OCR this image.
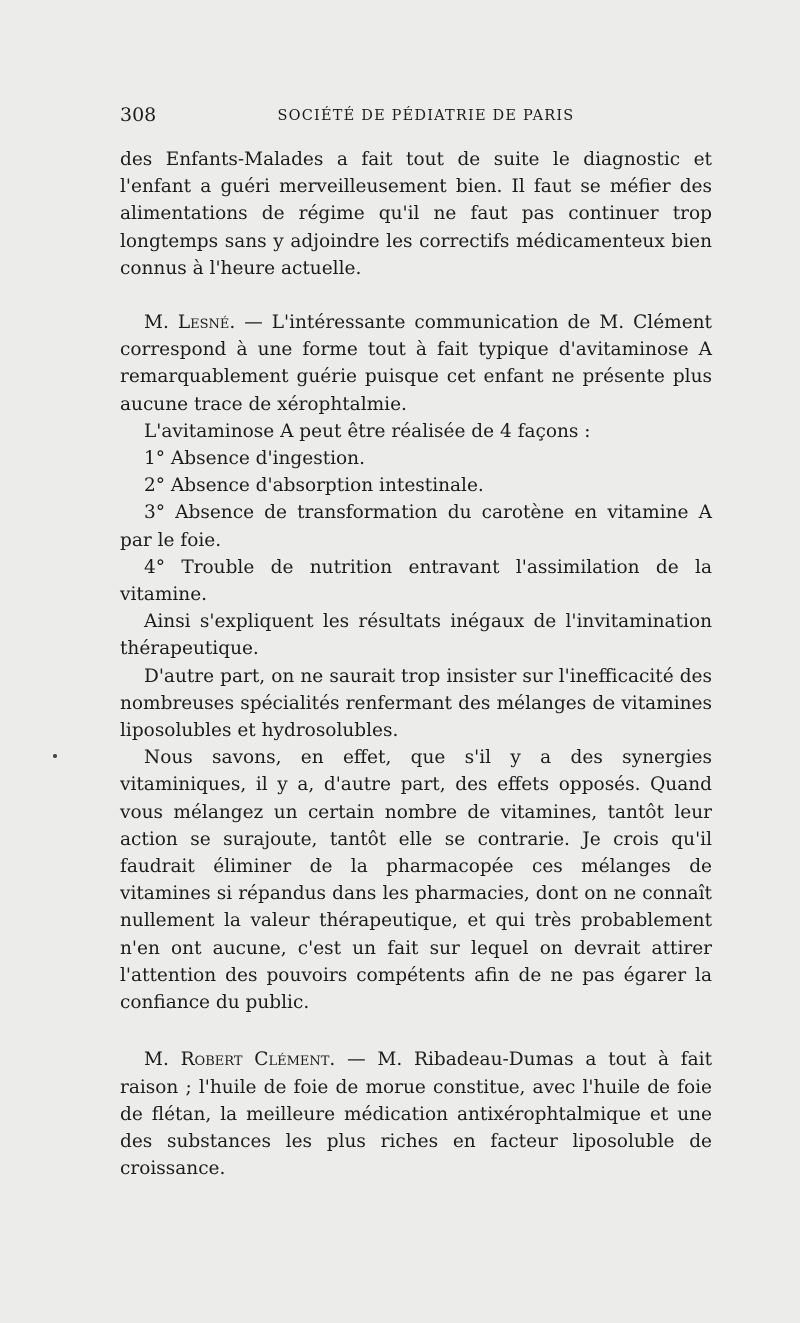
308	SOCIÉTÉ DE PÉDIATRIE DE PARIS

des Enfants-Malades a fait tout de suite le diagnostic et l'enfant a guéri merveilleusement bien. Il faut se méfier des alimentations de régime qu'il ne faut pas continuer trop longtemps sans y adjoindre les correctifs médicamenteux bien connus à l'heure actuelle.

M. Lesné. — L'intéressante communication de M. Clément correspond à une forme tout à fait typique d'avitaminose A remarquablement guérie puisque cet enfant ne présente plus aucune trace de xérophtalmie.

L'avitaminose A peut être réalisée de 4 façons :

1° Absence d'ingestion.

2° Absence d'absorption intestinale.

3° Absence de transformation du carotène en vitamine A par le foie.

4° Trouble de nutrition entravant l'assimilation de la vitamine.

Ainsi s'expliquent les résultats inégaux de l'invitamination thérapeutique.

D'autre part, on ne saurait trop insister sur l'inefficacité des nombreuses spécialités renfermant des mélanges de vitamines liposolubles et hydrosolubles.

Nous savons, en effet, que s'il y a des synergies vitaminiques, il y a, d'autre part, des effets opposés. Quand vous mélangez un certain nombre de vitamines, tantôt leur action se surajoute, tantôt elle se contrarie. Je crois qu'il faudrait éliminer de la pharmacopée ces mélanges de vitamines si répandus dans les pharmacies, dont on ne connaît nullement la valeur thérapeutique, et qui très probablement n'en ont aucune, c'est un fait sur lequel on devrait attirer l'attention des pouvoirs compétents afin de ne pas égarer la confiance du public.

M. Robert Clément. — M. Ribadeau-Dumas a tout à fait raison ; l'huile de foie de morue constitue, avec l'huile de foie de flétan, la meilleure médication antixérophtalmique et une des substances les plus riches en facteur liposoluble de croissance.
